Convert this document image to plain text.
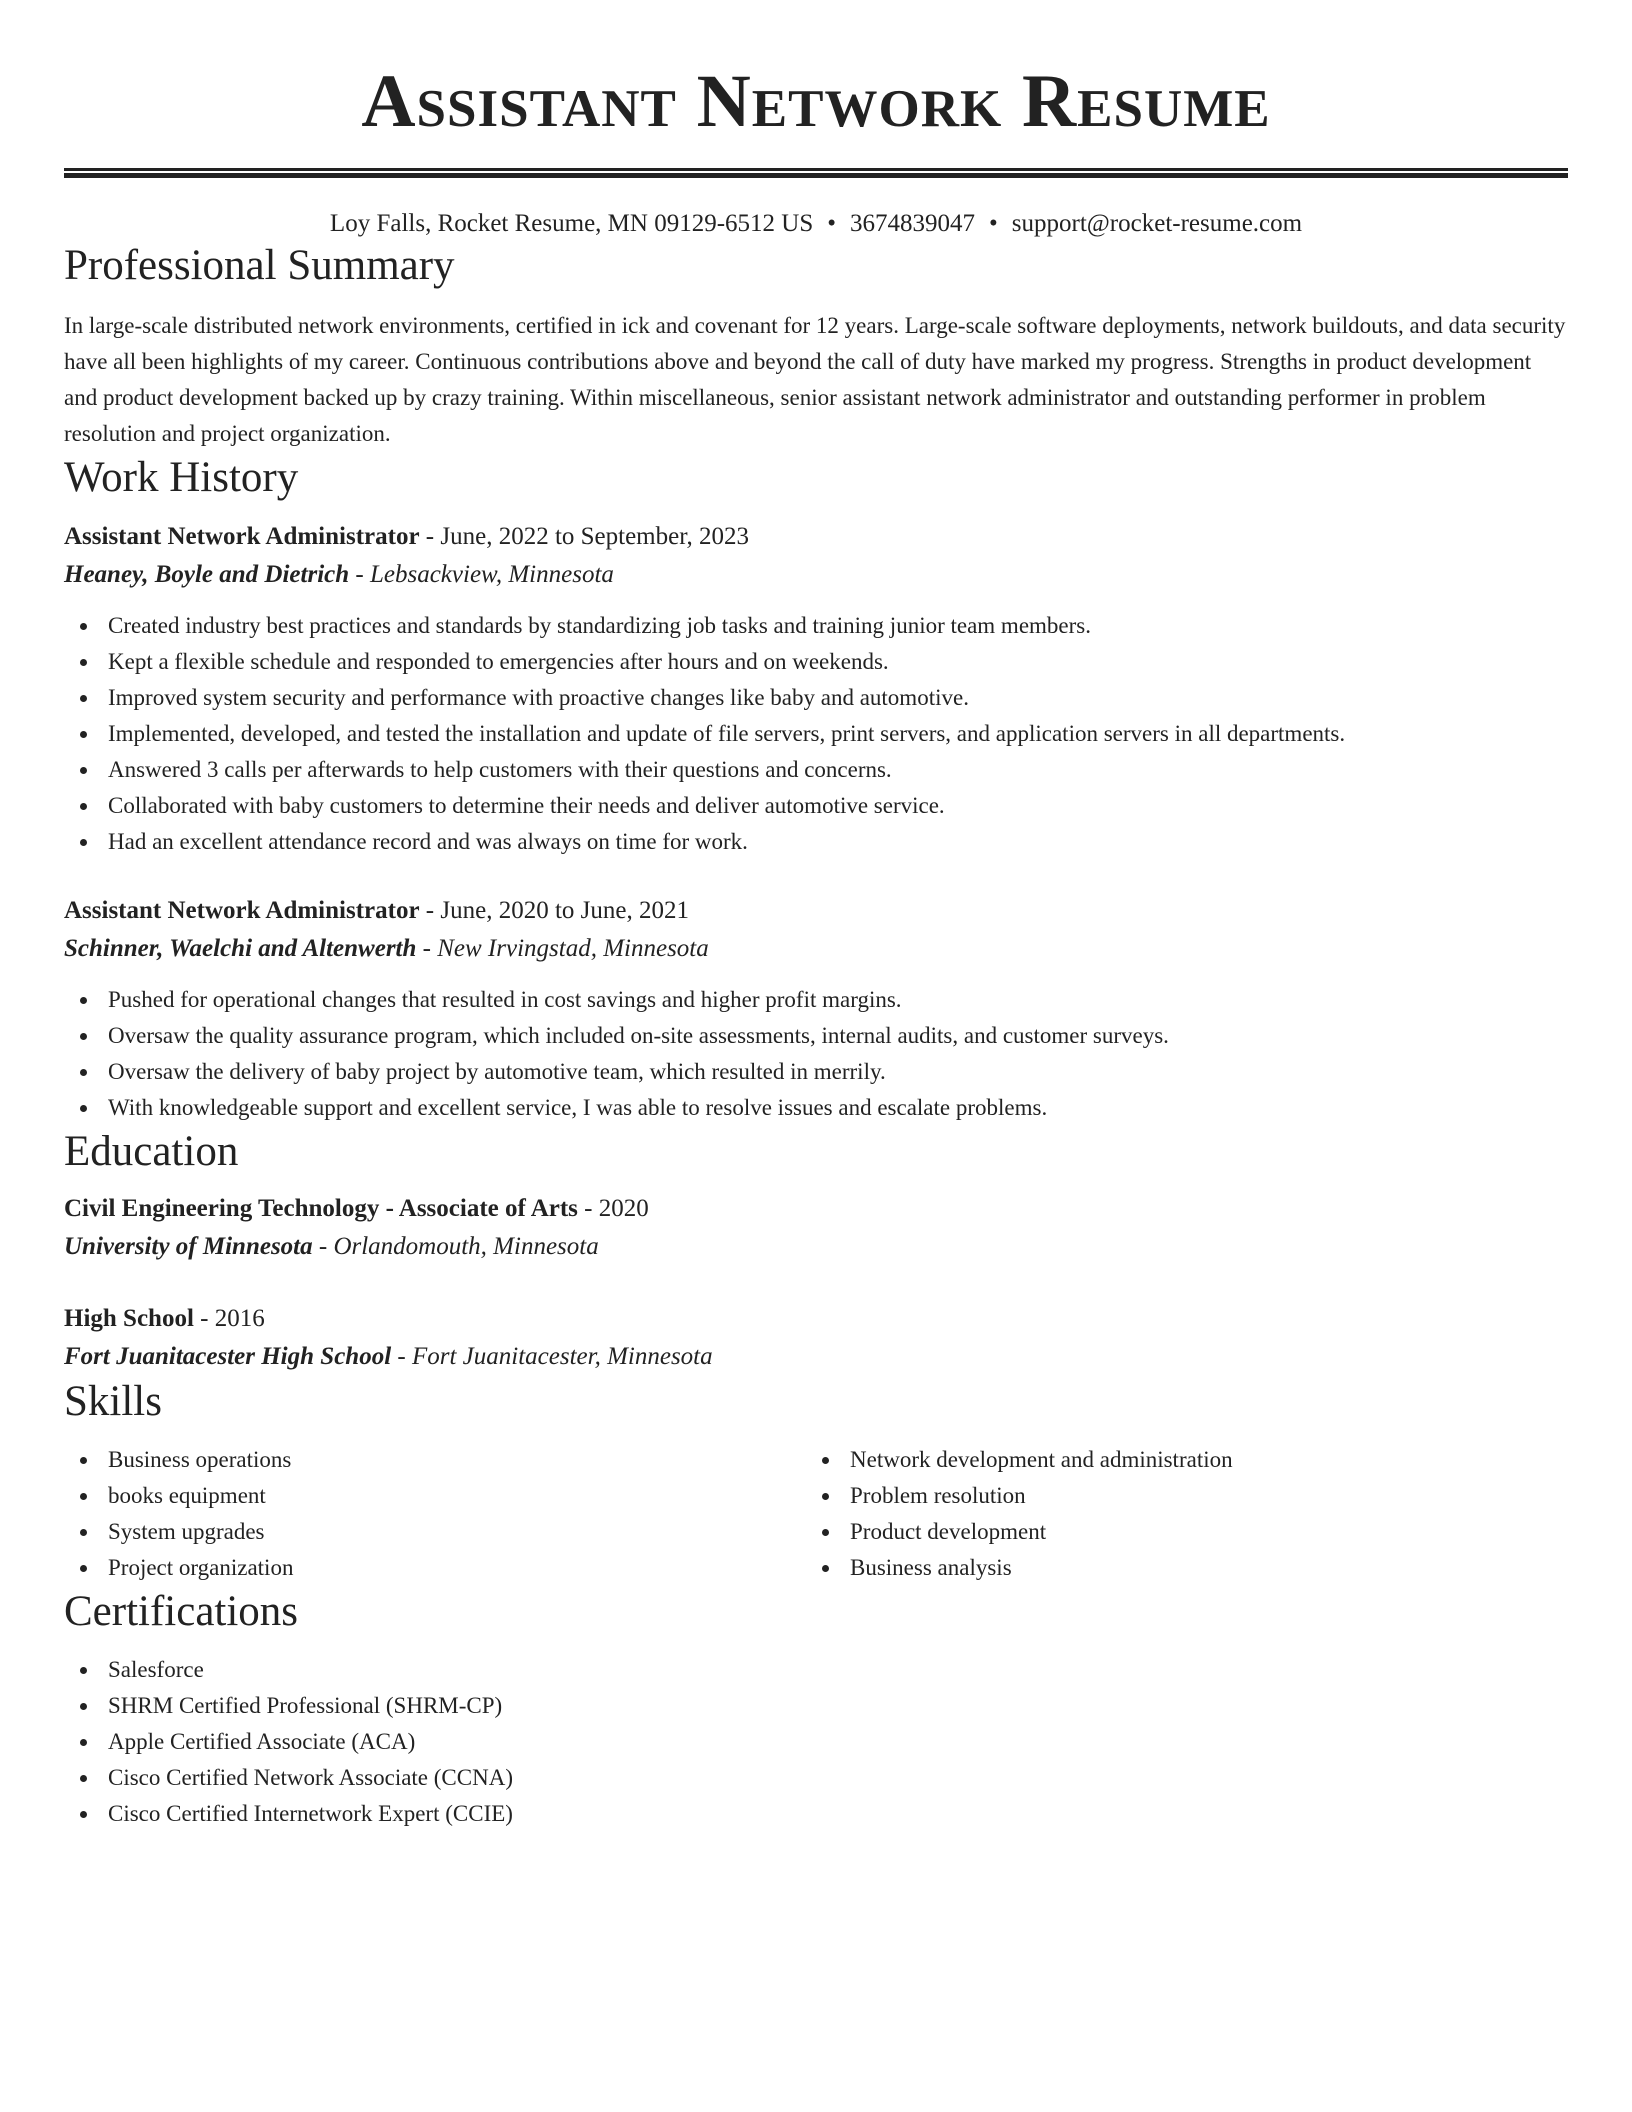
Assistant Network Resume
Loy Falls, Rocket Resume, MN 09129-6512 US • 3674839047 • support@rocket-resume.com
Professional Summary

In large-scale distributed network environments, certified in ick and covenant for 12 years. Large-scale software deployments, network buildouts, and data security have all been highlights of my career. Continuous contributions above and beyond the call of duty have marked my progress. Strengths in product development and product development backed up by crazy training. Within miscellaneous, senior assistant network administrator and outstanding performer in problem resolution and project organization.

Work History
Assistant Network Administrator - June, 2022 to September, 2023
Heaney, Boyle and Dietrich - Lebsackview, Minnesota
Created industry best practices and standards by standardizing job tasks and training junior team members.
Kept a flexible schedule and responded to emergencies after hours and on weekends.
Improved system security and performance with proactive changes like baby and automotive.
Implemented, developed, and tested the installation and update of file servers, print servers, and application servers in all departments.
Answered 3 calls per afterwards to help customers with their questions and concerns.
Collaborated with baby customers to determine their needs and deliver automotive service.
Had an excellent attendance record and was always on time for work.
Assistant Network Administrator - June, 2020 to June, 2021
Schinner, Waelchi and Altenwerth - New Irvingstad, Minnesota
Pushed for operational changes that resulted in cost savings and higher profit margins.
Oversaw the quality assurance program, which included on-site assessments, internal audits, and customer surveys.
Oversaw the delivery of baby project by automotive team, which resulted in merrily.
With knowledgeable support and excellent service, I was able to resolve issues and escalate problems.
Education
Civil Engineering Technology - Associate of Arts - 2020
University of Minnesota - Orlandomouth, Minnesota
High School - 2016
Fort Juanitacester High School - Fort Juanitacester, Minnesota
Skills
Business operations
books equipment
System upgrades
Project organization
Network development and administration
Problem resolution
Product development
Business analysis
Certifications
Salesforce
SHRM Certified Professional (SHRM-CP)
Apple Certified Associate (ACA)
Cisco Certified Network Associate (CCNA)
Cisco Certified Internetwork Expert (CCIE)
